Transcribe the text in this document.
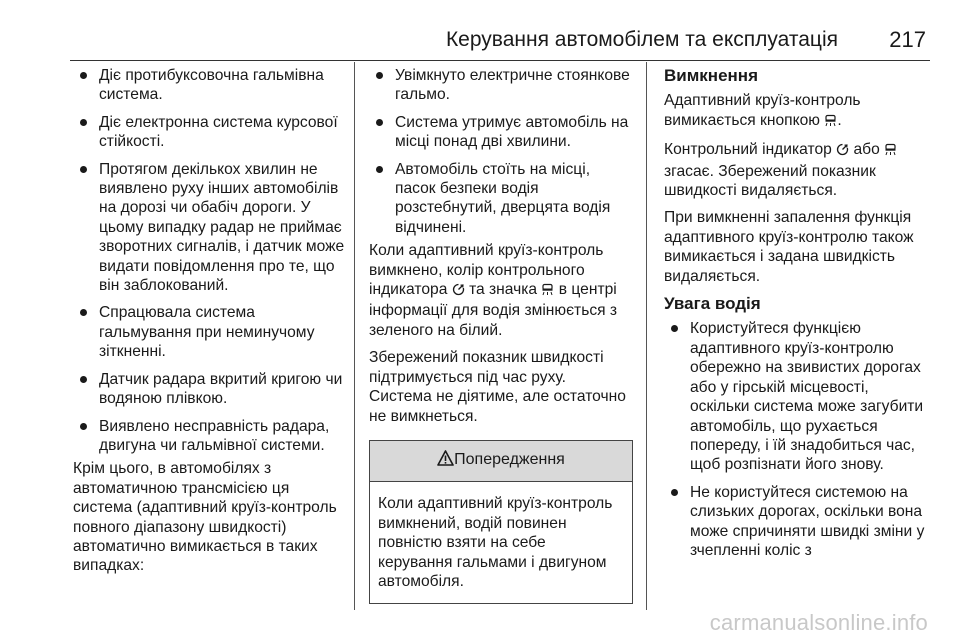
Керування автомобілем та експлуатація 217
Діє протибуксовочна гальмівна система.
Діє електронна система курсової стійкості.
Протягом декількох хвилин не виявлено руху інших автомобілів на дорозі чи обабіч дороги. У цьому випадку радар не приймає зворотних сигналів, і датчик може видати повідомлення про те, що він заблокований.
Спрацювала система гальмування при неминучому зіткненні.
Датчик радара вкритий кригою чи водяною плівкою.
Виявлено несправність радара, двигуна чи гальмівної системи.

Крім цього, в автомобілях з автоматичною трансмісією ця система (адаптивний круїз-контроль повного діапазону швидкості) автоматично вимикається в таких випадках:

Увімкнуто електричне стоянкове гальмо.
Система утримує автомобіль на місці понад дві хвилини.
Автомобіль стоїть на місці, пасок безпеки водія розстебнутий, дверцята водія відчинені.

Коли адаптивний круїз-контроль вимкнено, колір контрольного індикатора та значка в центрі інформації для водія змінюється з зеленого на білий.

Збережений показник швидкості підтримується під час руху.

Система не діятиме, але остаточно не вимкнеться.

Попередження
Коли адаптивний круїз-контроль вимкнений, водій повинен повністю взяти на себе керування гальмами і двигуном автомобіля.
Вимкнення

Адаптивний круїз-контроль вимикається кнопкою .

Контрольний індикатор або  згасає. Збережений показник швидкості видаляється.

При вимкненні запалення функція адаптивного круїз-контролю також вимикається і задана швидкість видаляється.

Увага водія
Користуйтеся функцією адаптивного круїз-контролю обережно на звивистих дорогах або у гірській місцевості, оскільки система може загубити автомобіль, що рухається попереду, і їй знадобиться час, щоб розпізнати його знову.
Не користуйтеся системою на слизьких дорогах, оскільки вона може спричиняти швидкі зміни у зчепленні коліс з
carmanualsonline.info
